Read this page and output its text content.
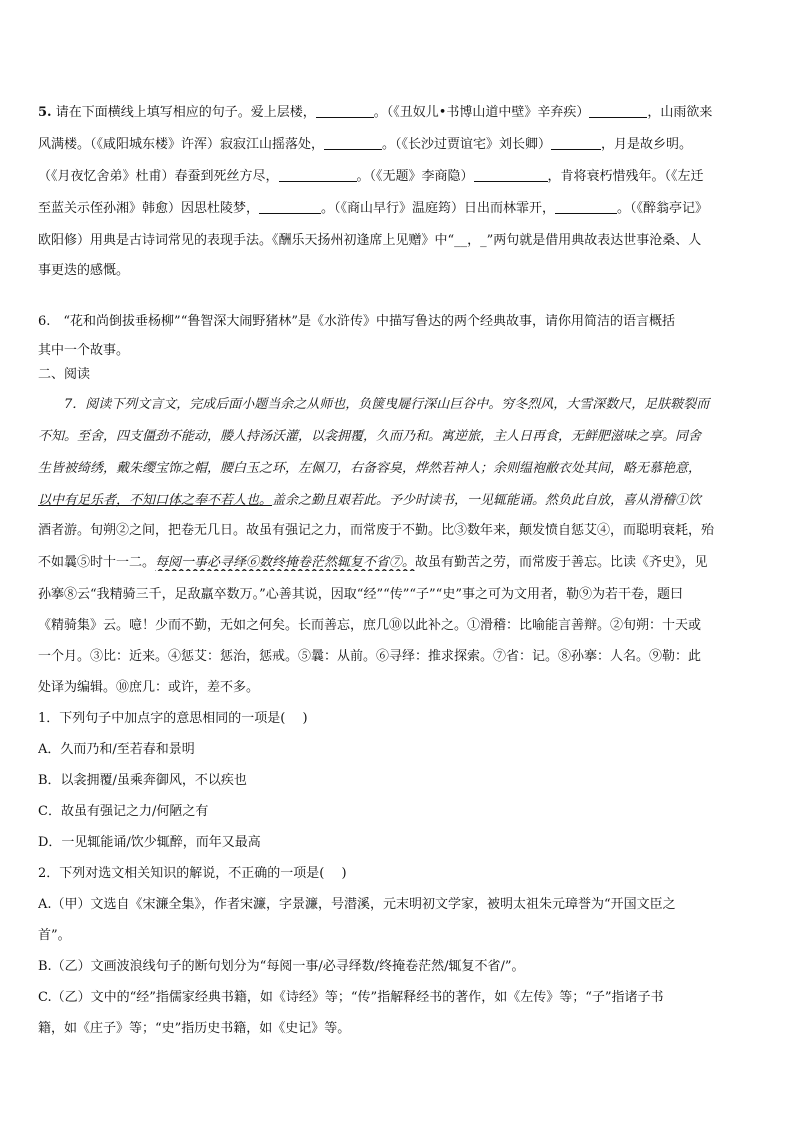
5. 请在下面横线上填写相应的句子。爱上层楼，	。（《丑奴儿•书博山道中壁》辛弃疾）	，山雨欲来
风满楼。（《咸阳城东楼》许浑）寂寂江山摇落处，	。（《长沙过贾谊宅》刘长卿）	，月是故乡明。
（《月夜忆舍弟》杜甫）春蚕到死丝方尽，	。（《无题》李商隐）	，肯将衰朽惜残年。（《左迁
至蓝关示侄孙湘》韩愈）因思杜陵梦，	。（《商山早行》温庭筠）日出而林霏开，	。（《醉翁亭记》
欧阳修）用典是古诗词常见的表现手法。《酬乐天扬州初逢席上见赠》中“__，_”两句就是借用典故表达世事沧桑、人
事更迭的感慨。
6.　“花和尚倒拔垂杨柳”“鲁智深大闹野猪林”是《水浒传》中描写鲁达的两个经典故事，请你用简洁的语言概括
其中一个故事。
二、阅读
　　7．阅读下列文言文，完成后面小题当余之从师也，负箧曳屣行深山巨谷中。穷冬烈风，大雪深数尺，足肤皲裂而
不知。至舍，四支僵劲不能动，媵人持汤沃灌，以衾拥覆，久而乃和。寓逆旅，主人日再食，无鲜肥滋味之享。同舍
生皆被绮绣，戴朱缨宝饰之帽，腰白玉之环，左佩刀，右备容臭，烨然若神人；余则缊袍敝衣处其间，略无慕艳意，
以中有足乐者，不知口体之奉不若人也。盖余之勤且艰若此。予少时读书，一见辄能诵。然负此自放，喜从滑稽①饮
酒者游。旬朔②之间，把卷无几日。故虽有强记之力，而常废于不勤。比③数年来，颠发愤自惩艾④，而聪明衰耗，殆
不如曩⑤时十一二。每阅一事必寻绎⑥数终掩卷茫然辄复不省⑦。故虽有勤苦之劳，而常废于善忘。比读《齐史》，见
孙搴⑧云“我精骑三千，足敌羸卒数万。”心善其说，因取“经”“传”“子”“史”事之可为文用者，勒⑨为若干卷，题曰
《精骑集》云。噫！少而不勤，无如之何矣。长而善忘，庶几⑩以此补之。①滑稽：比喻能言善辩。②旬朔：十天或
一个月。③比：近来。④惩艾：惩治，惩戒。⑤曩：从前。⑥寻绎：推求探索。⑦省：记。⑧孙搴：人名。⑨勒：此
处译为编辑。⑩庶几：或许，差不多。
1．下列句子中加点字的意思相同的一项是(　 )
A．久而乃和/至若春和景明
B．以衾拥覆/虽乘奔御风，不以疾也
C．故虽有强记之力/何陋之有
D．一见辄能诵/饮少辄醉，而年又最高
2．下列对选文相关知识的解说，不正确的一项是(　 )
A.（甲）文选自《宋濂全集》，作者宋濂，字景濂，号潜溪，元末明初文学家，被明太祖朱元璋誉为“开国文臣之
首”。
B.（乙）文画波浪线句子的断句划分为“每阅一事/必寻绎数/终掩卷茫然/辄复不省/”。
C.（乙）文中的“经”指儒家经典书籍，如《诗经》等；“传”指解释经书的著作，如《左传》等；“子”指诸子书
籍，如《庄子》等；“史”指历史书籍，如《史记》等。
